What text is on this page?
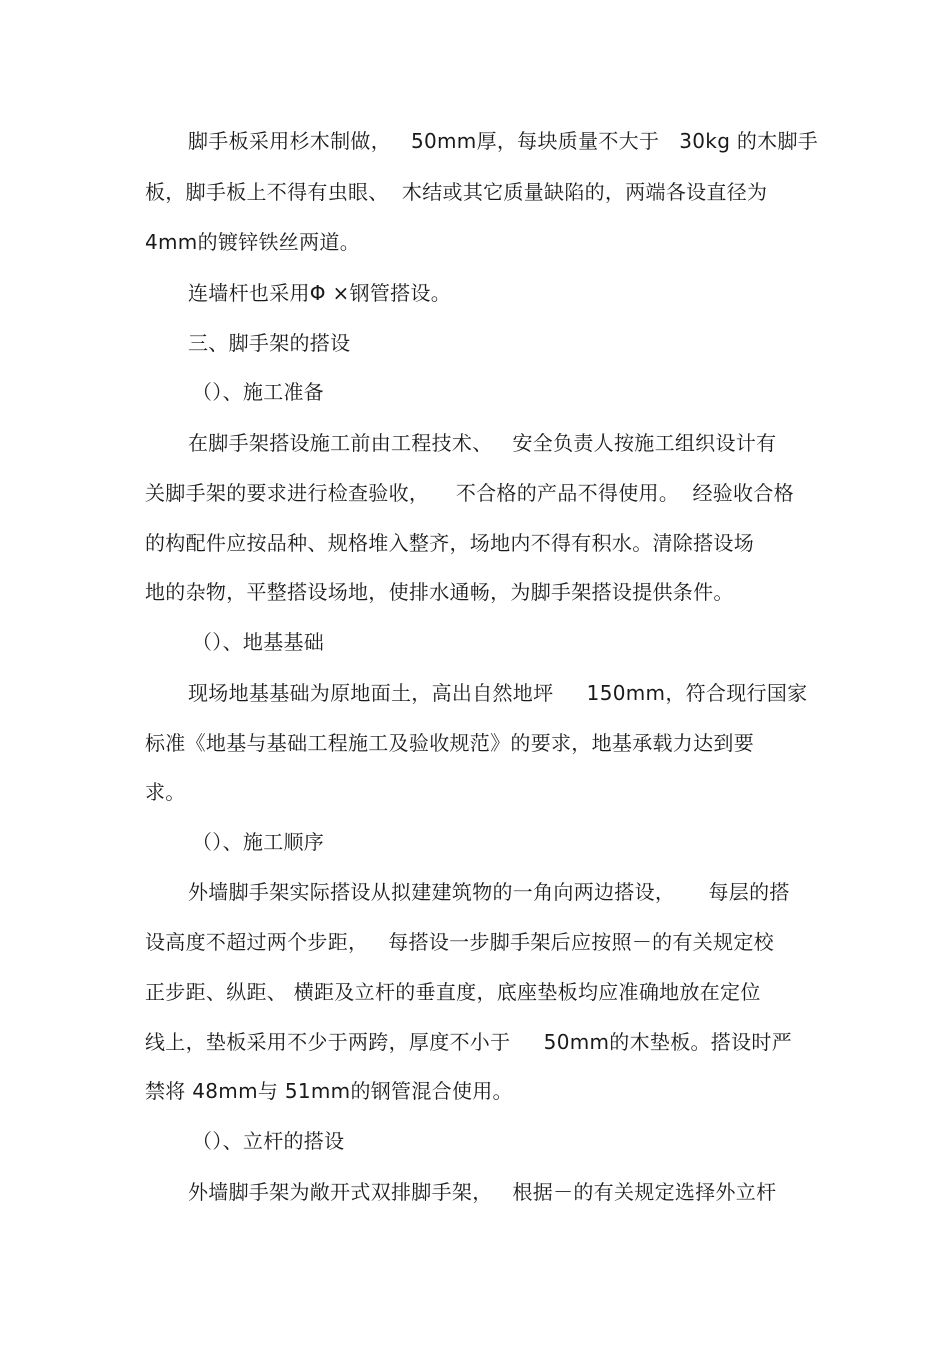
脚手板采用杉木制做，   50mm厚，每块质量不大于   30kg 的木脚手
板，脚手板上不得有虫眼、  木结或其它质量缺陷的，两端各设直径为
4mm的镀锌铁丝两道。
连墙杆也采用Φ ×钢管搭设。
三、脚手架的搭设
（）、施工准备
在脚手架搭设施工前由工程技术、   安全负责人按施工组织设计有
关脚手架的要求进行检查验收，    不合格的产品不得使用。  经验收合格
的构配件应按品种、规格堆入整齐，场地内不得有积水。清除搭设场
地的杂物，平整搭设场地，使排水通畅，为脚手架搭设提供条件。
（）、地基基础
现场地基基础为原地面土，高出自然地坪     150mm，符合现行国家
标准《地基与基础工程施工及验收规范》的要求，地基承载力达到要
求。
（）、施工顺序
外墙脚手架实际搭设从拟建建筑物的一角向两边搭设，     每层的搭
设高度不超过两个步距，   每搭设一步脚手架后应按照－的有关规定校
正步距、纵距、 横距及立杆的垂直度，底座垫板均应准确地放在定位
线上，垫板采用不少于两跨，厚度不小于     50mm的木垫板。搭设时严
禁将 48mm与 51mm的钢管混合使用。
（）、立杆的搭设
外墙脚手架为敞开式双排脚手架，   根据－的有关规定选择外立杆
